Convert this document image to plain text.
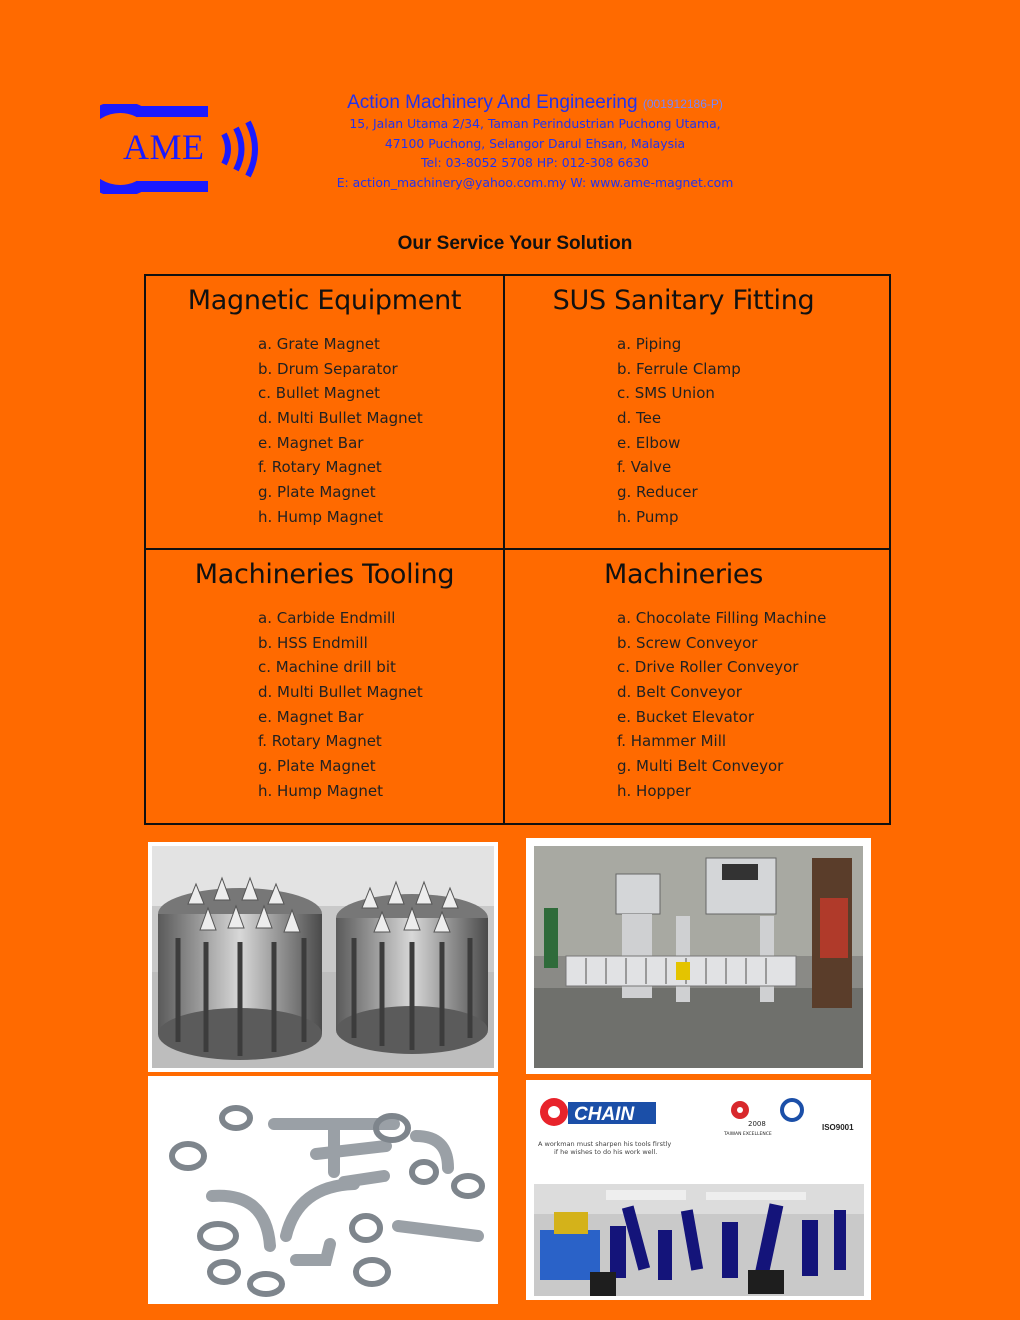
AME
Action Machinery And Engineering (001912186-P)
15, Jalan Utama 2/34, Taman Perindustrian Puchong Utama,
47100 Puchong, Selangor Darul Ehsan, Malaysia
Tel: 03-8052 5708 HP: 012-308 6630
E: action_machinery@yahoo.com.my W: www.ame-magnet.com
Our Service Your Solution
Magnetic Equipment
a. Grate Magnet
b. Drum Separator
c. Bullet Magnet
d. Multi Bullet Magnet
e. Magnet Bar
f. Rotary Magnet
g. Plate Magnet
h. Hump Magnet
SUS Sanitary Fitting
a. Piping
b. Ferrule Clamp
c. SMS Union
d. Tee
e. Elbow
f. Valve
g. Reducer
h. Pump
Machineries Tooling
a. Carbide Endmill
b. HSS Endmill
c. Machine drill bit
d. Multi Bullet Magnet
e. Magnet Bar
f. Rotary Magnet
g. Plate Magnet
h. Hump Magnet
Machineries
a. Chocolate Filling Machine
b. Screw Conveyor
c. Drive Roller Conveyor
d. Belt Conveyor
e. Bucket Elevator
f. Hammer Mill
g. Multi Belt Conveyor
h. Hopper
CHAIN
A workman must sharpen his tools firstly
if he wishes to do his work well.
2008
TAIWAN EXCELLENCE
ISO9001
